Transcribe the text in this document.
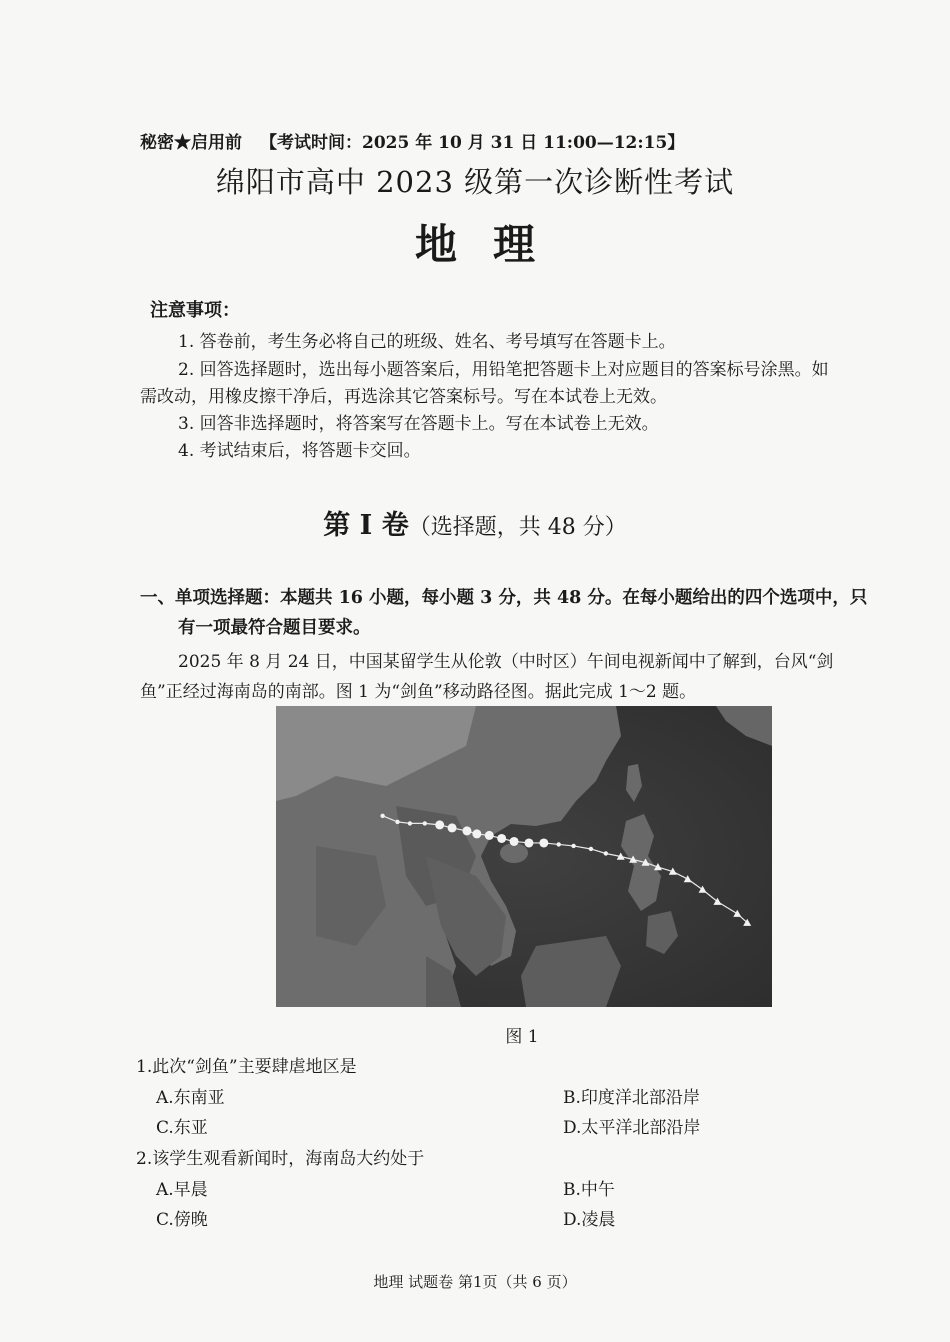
秘密★启用前 【考试时间：2025 年 10 月 31 日 11:00—12:15】
绵阳市高中 2023 级第一次诊断性考试
地理
注意事项：
1. 答卷前，考生务必将自己的班级、姓名、考号填写在答题卡上。
2. 回答选择题时，选出每小题答案后，用铅笔把答题卡上对应题目的答案标号涂黑。如
需改动，用橡皮擦干净后，再选涂其它答案标号。写在本试卷上无效。
3. 回答非选择题时，将答案写在答题卡上。写在本试卷上无效。
4. 考试结束后，将答题卡交回。
第 I 卷（选择题，共 48 分）
一、单项选择题：本题共 16 小题，每小题 3 分，共 48 分。在每小题给出的四个选项中，只
有一项最符合题目要求。
2025 年 8 月 24 日，中国某留学生从伦敦（中时区）午间电视新闻中了解到，台风“剑
鱼”正经过海南岛的南部。图 1 为“剑鱼”移动路径图。据此完成 1～2 题。
图 1
1.此次“剑鱼”主要肆虐地区是
A.东南亚	B.印度洋北部沿岸
C.东亚	D.太平洋北部沿岸
2.该学生观看新闻时，海南岛大约处于
A.早晨	B.中午
C.傍晚	D.凌晨
地理 试题卷 第1页（共 6 页）
